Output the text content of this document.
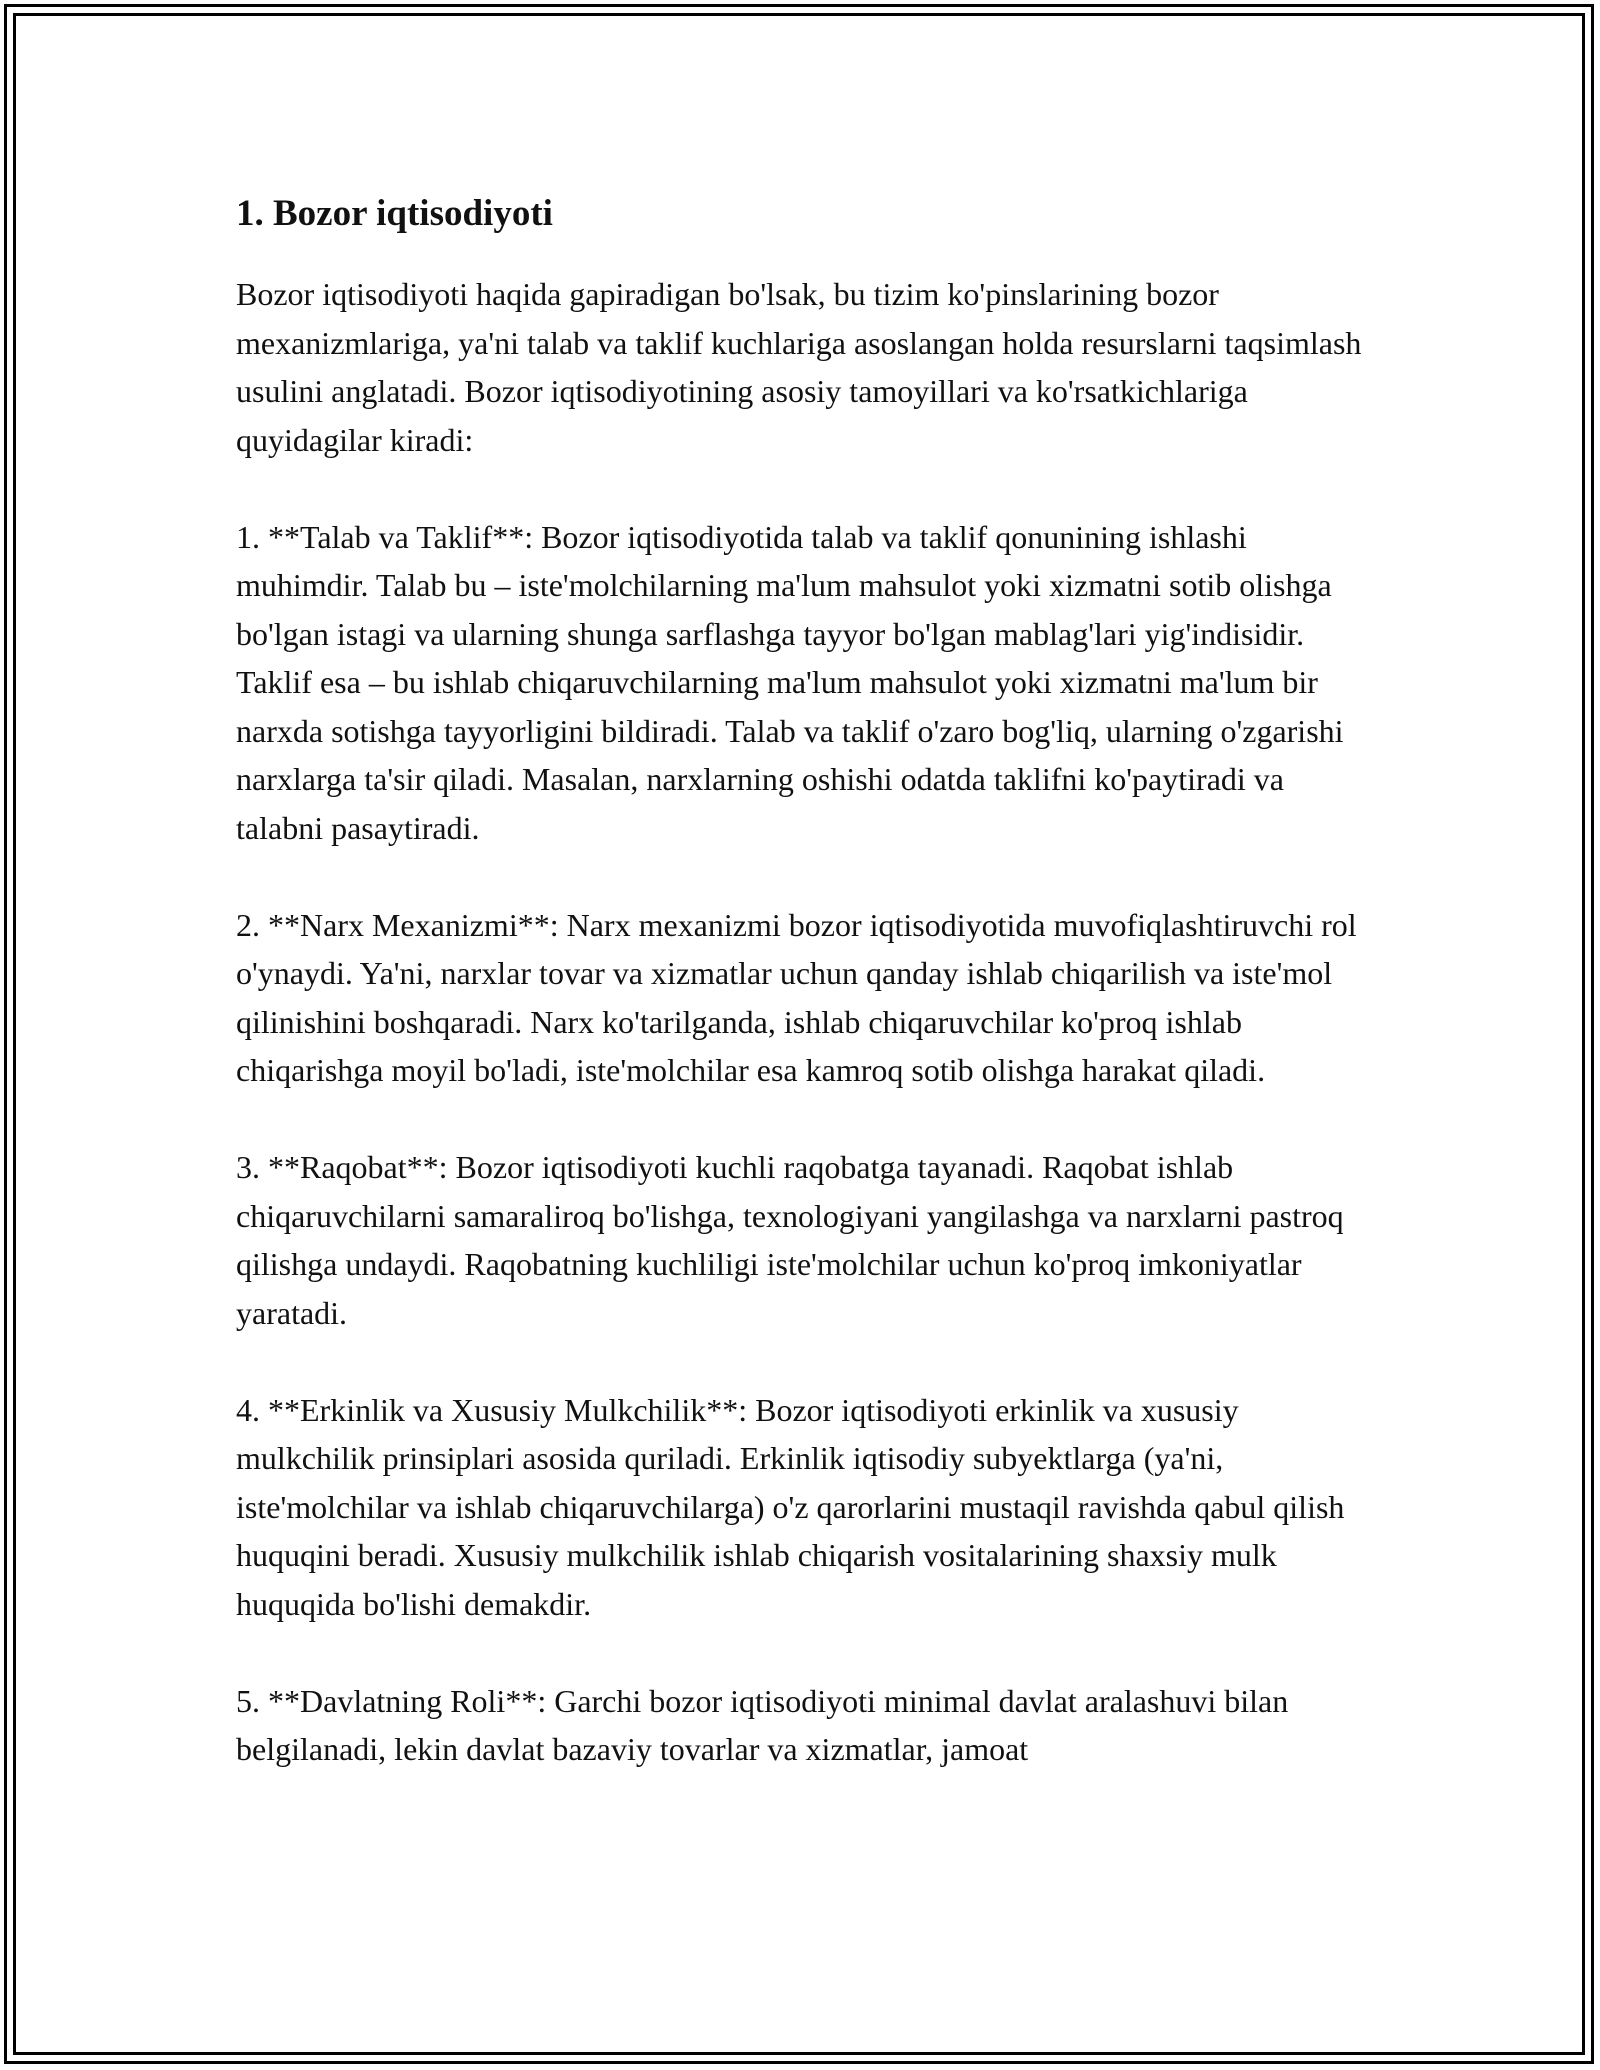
1. Bozor iqtisodiyoti

Bozor iqtisodiyoti haqida gapiradigan bo'lsak, bu tizim ko'pinslarining bozor mexanizmlariga, ya'ni talab va taklif kuchlariga asoslangan holda resurslarni taqsimlash usulini anglatadi. Bozor iqtisodiyotining asosiy tamoyillari va ko'rsatkichlariga quyidagilar kiradi:

1. **Talab va Taklif**: Bozor iqtisodiyotida talab va taklif qonunining ishlashi muhimdir. Talab bu – iste'molchilarning ma'lum mahsulot yoki xizmatni sotib olishga bo'lgan istagi va ularning shunga sarflashga tayyor bo'lgan mablag'lari yig'indisidir. Taklif esa – bu ishlab chiqaruvchilarning ma'lum mahsulot yoki xizmatni ma'lum bir narxda sotishga tayyorligini bildiradi. Talab va taklif o'zaro bog'liq, ularning o'zgarishi narxlarga ta'sir qiladi. Masalan, narxlarning oshishi odatda taklifni ko'paytiradi va talabni pasaytiradi.

2. **Narx Mexanizmi**: Narx mexanizmi bozor iqtisodiyotida muvofiqlashtiruvchi rol o'ynaydi. Ya'ni, narxlar tovar va xizmatlar uchun qanday ishlab chiqarilish va iste'mol qilinishini boshqaradi. Narx ko'tarilganda, ishlab chiqaruvchilar ko'proq ishlab chiqarishga moyil bo'ladi, iste'molchilar esa kamroq sotib olishga harakat qiladi.

3. **Raqobat**: Bozor iqtisodiyoti kuchli raqobatga tayanadi. Raqobat ishlab chiqaruvchilarni samaraliroq bo'lishga, texnologiyani yangilashga va narxlarni pastroq qilishga undaydi. Raqobatning kuchliligi iste'molchilar uchun ko'proq imkoniyatlar yaratadi.

4. **Erkinlik va Xususiy Mulkchilik**: Bozor iqtisodiyoti erkinlik va xususiy mulkchilik prinsiplari asosida quriladi. Erkinlik iqtisodiy subyektlarga (ya'ni, iste'molchilar va ishlab chiqaruvchilarga) o'z qarorlarini mustaqil ravishda qabul qilish huquqini beradi. Xususiy mulkchilik ishlab chiqarish vositalarining shaxsiy mulk huquqida bo'lishi demakdir.

5. **Davlatning Roli**: Garchi bozor iqtisodiyoti minimal davlat aralashuvi bilan belgilanadi, lekin davlat bazaviy tovarlar va xizmatlar, jamoat
